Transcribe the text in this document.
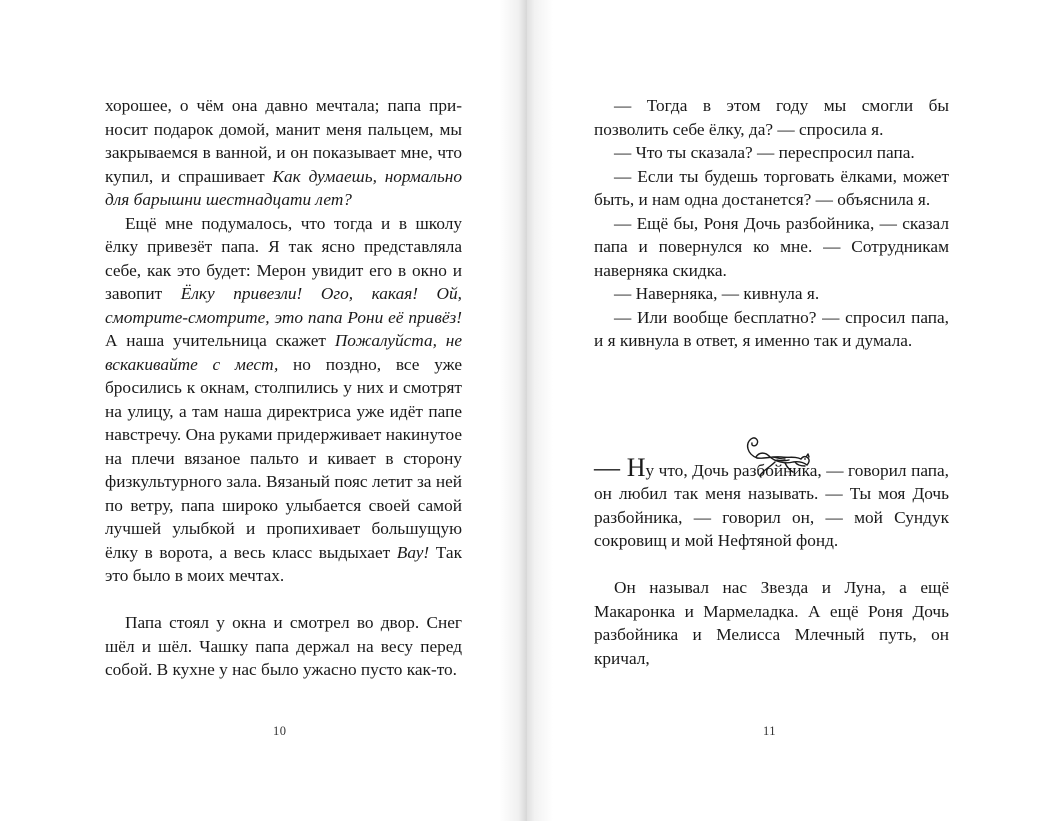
хорошее, о чём она давно мечтала; папа приносит подарок домой, манит меня пальцем, мы закрываемся в ванной, и он показывает мне, что купил, и спрашивает Как думаешь, нормально для барышни шестнадцати лет?

Ещё мне подумалось, что тогда и в школу ёлку привезёт папа. Я так ясно представляла себе, как это будет: Мерон увидит его в окно и завопит Ёлку привезли! Ого, какая! Ой, смотрите-смотрите, это папа Рони её привёз! А наша учительница скажет Пожалуйста, не вскакивайте с мест, но поздно, все уже бросились к окнам, столпились у них и смотрят на улицу, а там наша директриса уже идёт папе навстречу. Она руками придерживает накинутое на плечи вязаное пальто и кивает в сторону физкультурного зала. Вязаный пояс летит за ней по ветру, папа широко улыбается своей самой лучшей улыбкой и пропихивает большущую ёлку в ворота, а весь класс выдыхает Вау! Так это было в моих мечтах.

Папа стоял у окна и смотрел во двор. Снег шёл и шёл. Чашку папа держал на весу перед собой. В кухне у нас было ужасно пусто как-то.

10

— Тогда в этом году мы смогли бы позволить себе ёлку, да? — спросила я.

— Что ты сказала? — переспросил папа.

— Если ты будешь торговать ёлками, может быть, и нам одна достанется? — объяснила я.

— Ещё бы, Роня Дочь разбойника, — сказал папа и повернулся ко мне. — Сотрудникам наверняка скидка.

— Наверняка, — кивнула я.

— Или вообще бесплатно? — спросил папа, и я кивнула в ответ, я именно так и думала.

— Ну что, Дочь разбойника, — говорил папа, он любил так меня называть. — Ты моя Дочь разбойника, — говорил он, — мой Сундук сокровищ и мой Нефтяной фонд.

Он называл нас Звезда и Луна, а ещё Макаронка и Мармеладка. А ещё Роня Дочь разбойника и Мелисса Млечный путь, он кричал,

11
